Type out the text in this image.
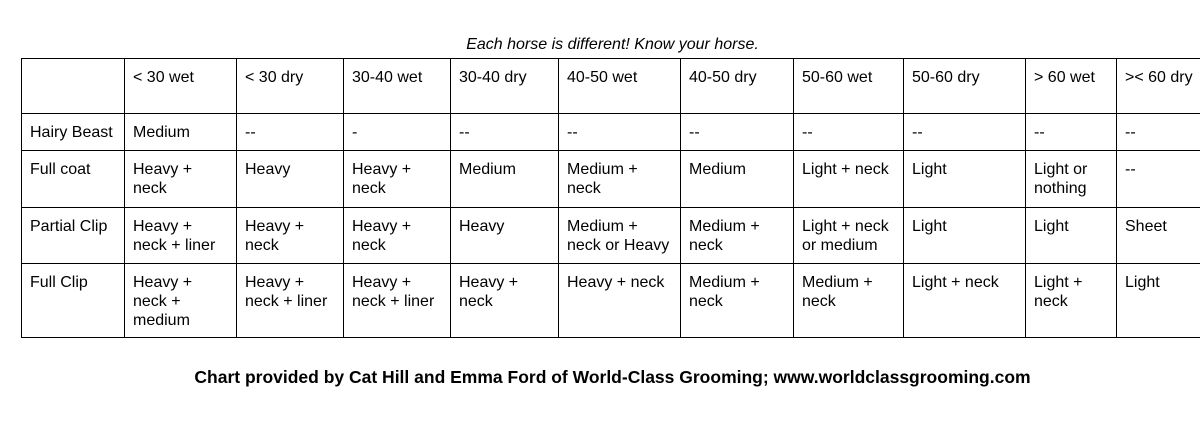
Each horse is different! Know your horse.
	< 30 wet	< 30 dry	30-40 wet	30-40 dry	40-50 wet	40-50 dry	50-60 wet	50-60 dry	> 60 wet	>< 60 dry
Hairy Beast	Medium	--	-	--	--	--	--	--	--	--
Full coat	Heavy + neck	Heavy	Heavy + neck	Medium	Medium + neck	Medium	Light + neck	Light	Light or nothing	--
Partial Clip	Heavy + neck + liner	Heavy + neck	Heavy + neck	Heavy	Medium + neck or Heavy	Medium + neck	Light + neck or medium	Light	Light	Sheet
Full Clip	Heavy + neck + medium	Heavy + neck + liner	Heavy + neck + liner	Heavy + neck	Heavy + neck	Medium + neck	Medium + neck	Light + neck	Light + neck	Light
Chart provided by Cat Hill and Emma Ford of World-Class Grooming; www.worldclassgrooming.com
